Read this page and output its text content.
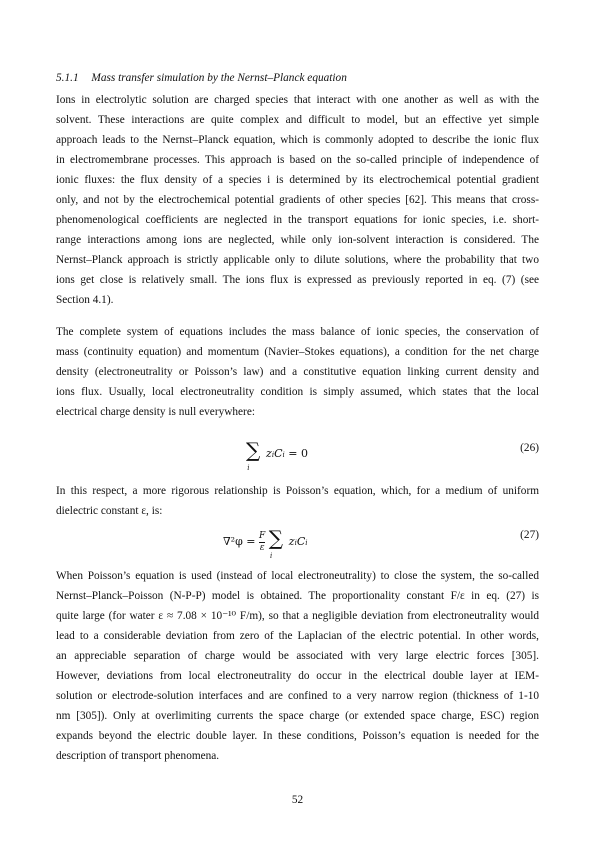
5.1.1 Mass transfer simulation by the Nernst–Planck equation
Ions in electrolytic solution are charged species that interact with one another as well as with the
solvent. These interactions are quite complex and difficult to model, but an effective yet simple
approach leads to the Nernst–Planck equation, which is commonly adopted to describe the ionic flux
in electromembrane processes. This approach is based on the so-called principle of independence of
ionic fluxes: the flux density of a species i is determined by its electrochemical potential gradient
only, and not by the electrochemical potential gradients of other species [62]. This means that cross-
phenomenological coefficients are neglected in the transport equations for ionic species, i.e. short-
range interactions among ions are neglected, while only ion-solvent interaction is considered. The
Nernst–Planck approach is strictly applicable only to dilute solutions, where the probability that two
ions get close is relatively small. The ions flux is expressed as previously reported in eq. (7) (see
Section 4.1).
The complete system of equations includes the mass balance of ionic species, the conservation of
mass (continuity equation) and momentum (Navier–Stokes equations), a condition for the net charge
density (electroneutrality or Poisson’s law) and a constitutive equation linking current density and
ions flux. Usually, local electroneutrality condition is simply assumed, which states that the local
electrical charge density is null everywhere:
$\sum_i$ ziCi = 0	(26)
In this respect, a more rigorous relationship is Poisson’s equation, which, for a medium of uniform
dielectric constant ε, is:
$\nabla^2\varphi = \frac{F}{\varepsilon} \sum_i$ ziCi
(27)
When Poisson’s equation is used (instead of local electroneutrality) to close the system, the so-called
Nernst–Planck–Poisson (N-P-P) model is obtained. The proportionality constant F/ε in eq. (27) is
quite large (for water ε ≈ 7.08 × 10⁻¹⁰ F/m), so that a negligible deviation from electroneutrality would
lead to a considerable deviation from zero of the Laplacian of the electric potential. In other words,
an appreciable separation of charge would be associated with very large electric forces [305].
However, deviations from local electroneutrality do occur in the electrical double layer at IEM-
solution or electrode-solution interfaces and are confined to a very narrow region (thickness of 1-10
nm [305]). Only at overlimiting currents the space charge (or extended space charge, ESC) region
expands beyond the electric double layer. In these conditions, Poisson’s equation is needed for the
description of transport phenomena.
52
